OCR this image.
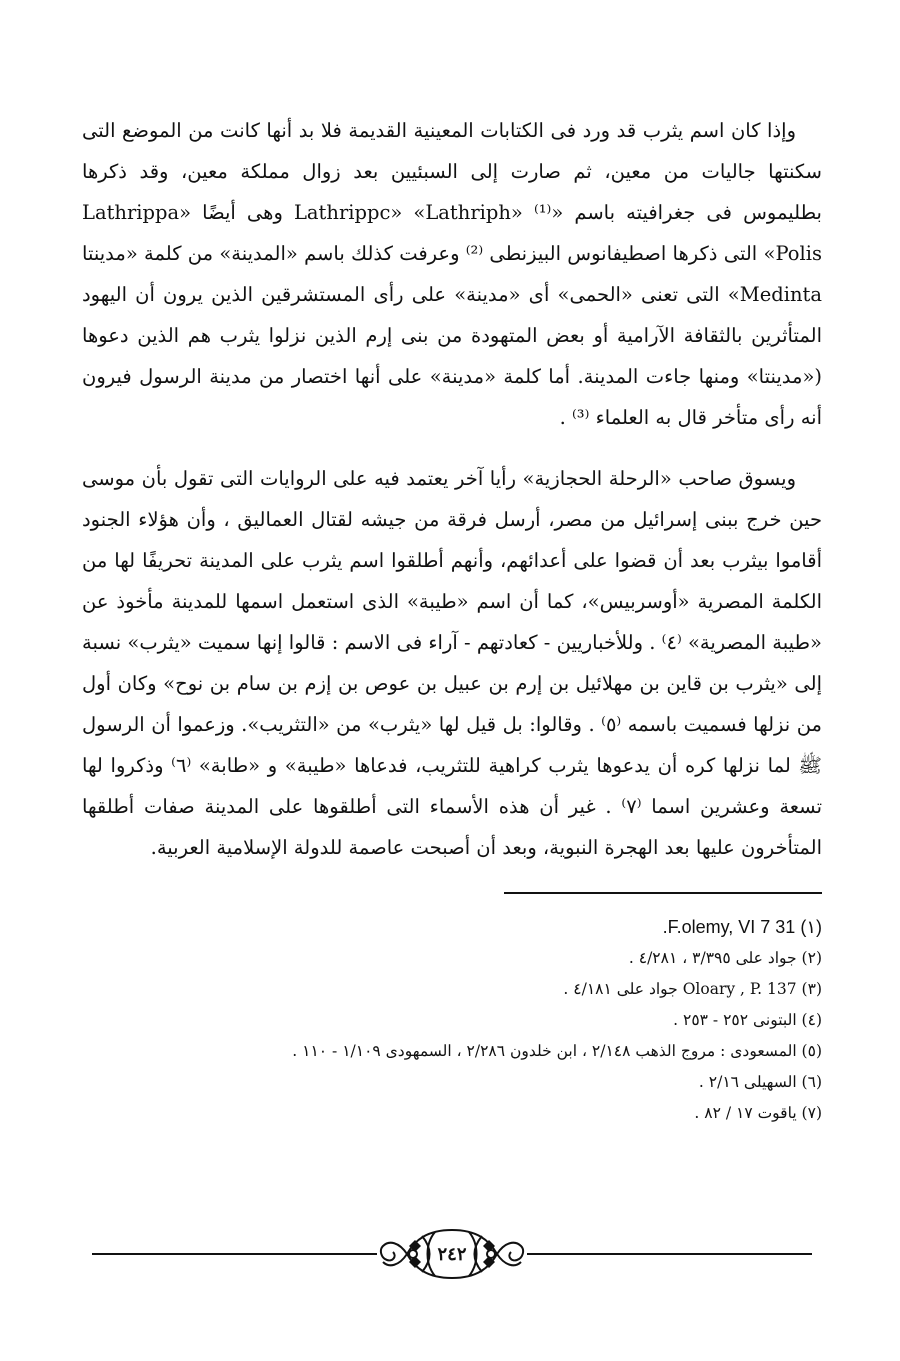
وإذا كان اسم يثرب قد ورد فى الكتابات المعينية القديمة فلا بد أنها كانت من الموضع التى سكنتها جاليات من معين، ثم صارت إلى السبئيين بعد زوال مملكة معين، وقد ذكرها بطليموس فى جغرافيته باسم «Lathrippc» «Lathriph» ⁽¹⁾ وهى أيضًا «Lathrippa Polis» التى ذكرها اصطيفانوس البيزنطى ⁽²⁾ وعرفت كذلك باسم «المدينة» من كلمة «مدينتا Medinta» التى تعنى «الحمى» أى «مدينة» على رأى المستشرقين الذين يرون أن اليهود المتأثرين بالثقافة الآرامية أو بعض المتهودة من بنى إرم الذين نزلوا يثرب هم الذين دعوها («مدينتا» ومنها جاءت المدينة. أما كلمة «مدينة» على أنها اختصار من مدينة الرسول فيرون أنه رأى متأخر قال به العلماء ⁽³⁾ .

ويسوق صاحب «الرحلة الحجازية» رأيا آخر يعتمد فيه على الروايات التى تقول بأن موسى حين خرج ببنى إسرائيل من مصر، أرسل فرقة من جيشه لقتال العماليق ، وأن هؤلاء الجنود أقاموا بيثرب بعد أن قضوا على أعدائهم، وأنهم أطلقوا اسم يثرب على المدينة تحريفًا لها من الكلمة المصرية «أوسربيس»، كما أن اسم «طيبة» الذى استعمل اسمها للمدينة مأخوذ عن «طيبة المصرية» ⁽٤⁾ . وللأخباريين - كعادتهم - آراء فى الاسم : قالوا إنها سميت «يثرب» نسبة إلى «يثرب بن قاين بن مهلائيل بن إرم بن عبيل بن عوص بن إزم بن سام بن نوح» وكان أول من نزلها فسميت باسمه ⁽٥⁾ . وقالوا: بل قيل لها «يثرب» من «التثريب». وزعموا أن الرسول ﷺ لما نزلها كره أن يدعوها يثرب كراهية للتثريب، فدعاها «طيبة» و «طابة» ⁽٦⁾ وذكروا لها تسعة وعشرين اسما ⁽٧⁾ . غير أن هذه الأسماء التى أطلقوها على المدينة صفات أطلقها المتأخرون عليها بعد الهجرة النبوية، وبعد أن أصبحت عاصمة للدولة الإسلامية العربية.

(١) F.olemy, VI 7 31.
(٢) جواد على ٣/٣٩٥ ، ٤/٢٨١ .
(٣) Oloary , P. 137 جواد على ٤/١٨١ .
(٤) البتونى ٢٥٢ - ٢٥٣ .
(٥) المسعودى : مروج الذهب ٢/١٤٨ ، ابن خلدون ٢/٢٨٦ ، السمهودى ١/١٠٩ - ١١٠ .
(٦) السهيلى ٢/١٦ .
(٧) ياقوت ١٧ / ٨٢ .
٢٤٢
